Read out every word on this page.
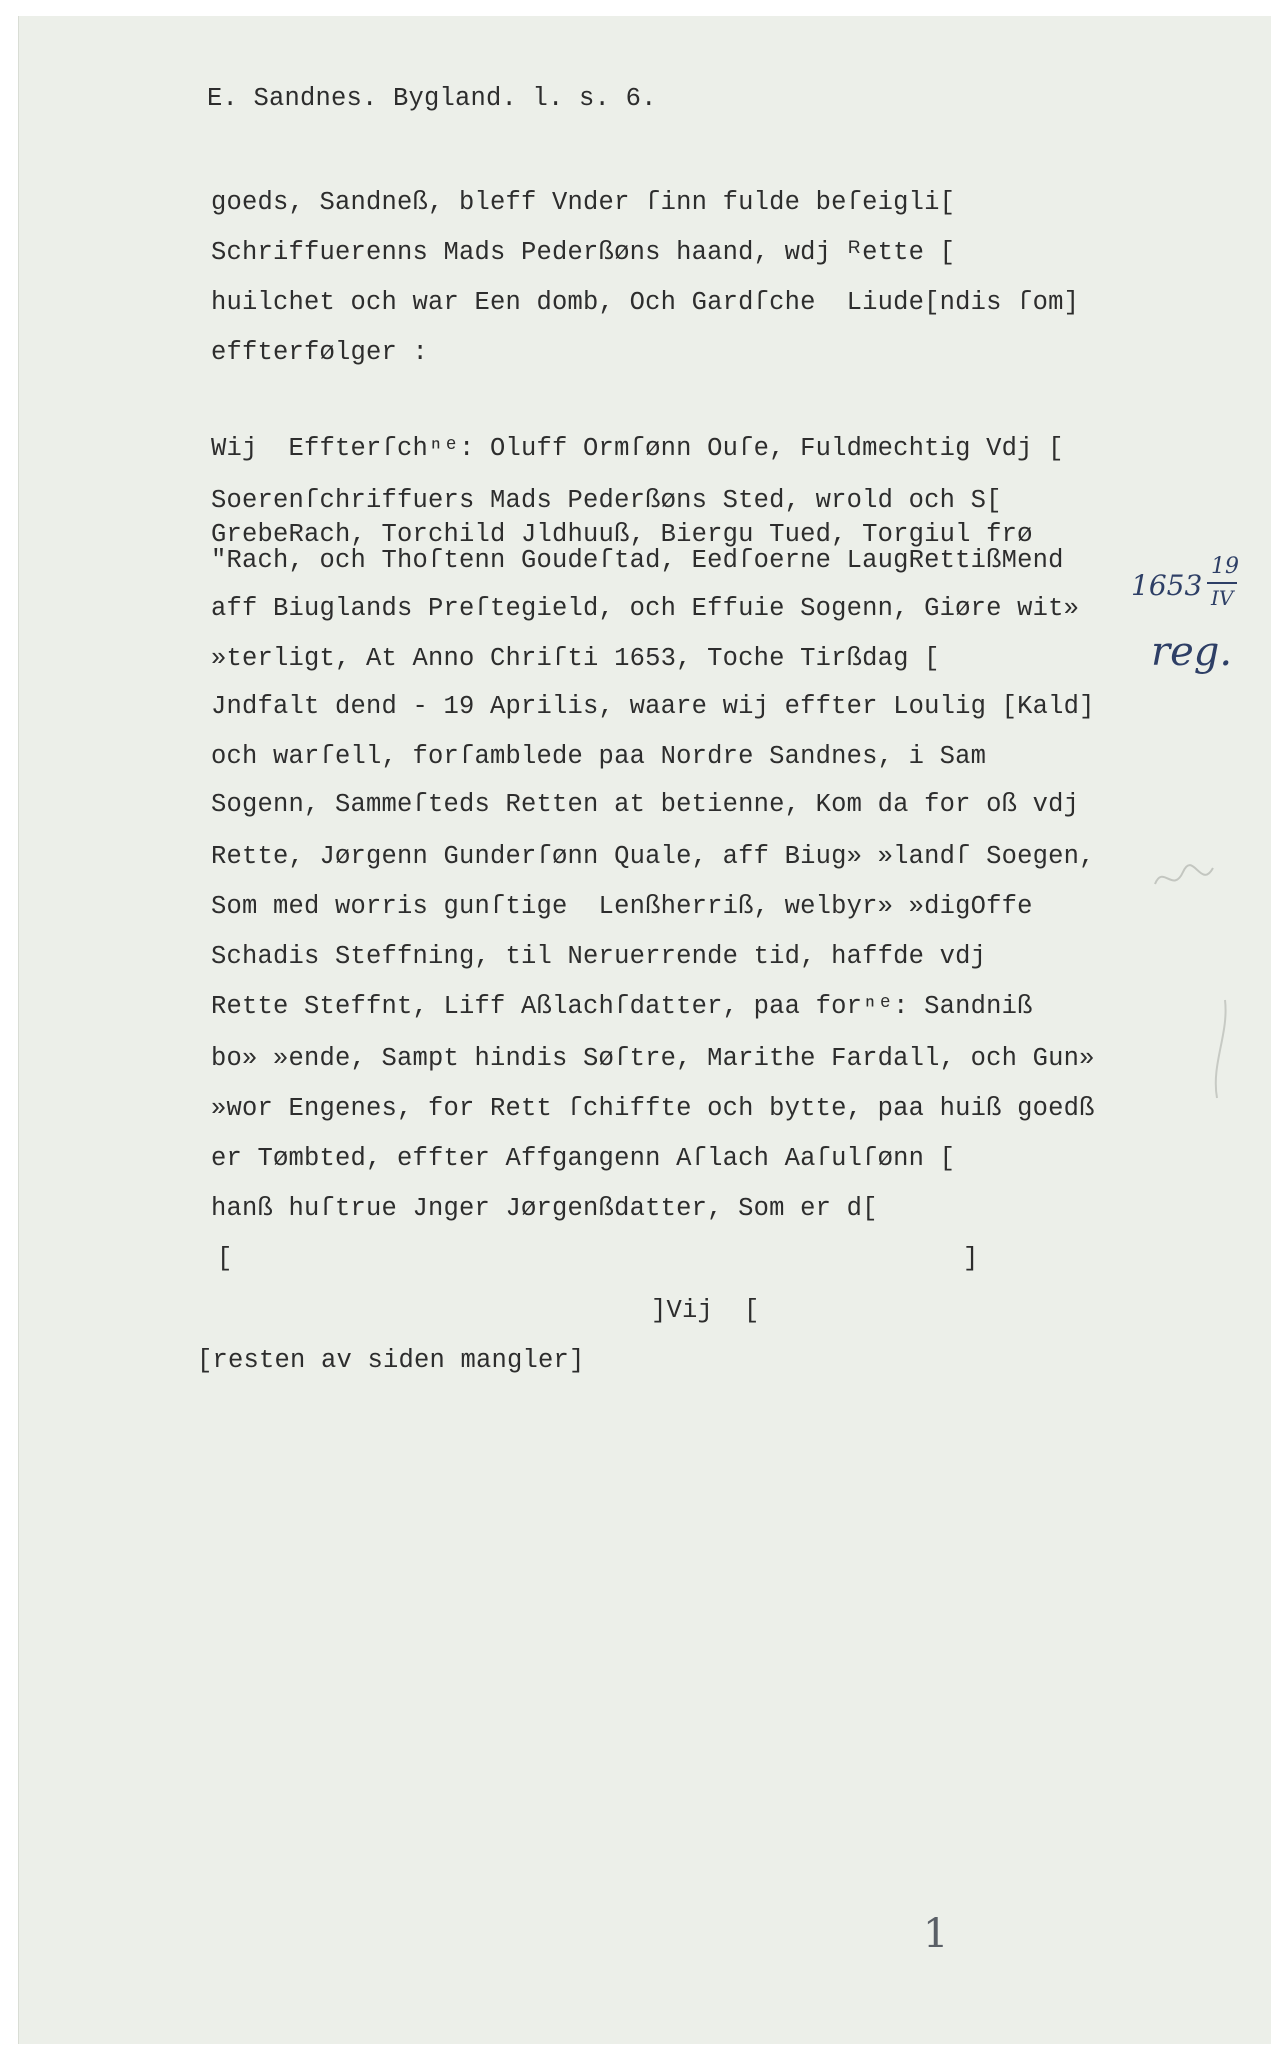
E. Sandnes. Bygland. l. s. 6.
goeds, Sandneß, bleff Vnder ſinn fulde beſeigli[
Schriffuerenns Mads Pederßøns haand, wdj ᴿette [
huilchet och war Een domb, Och Gardſche  Liude[ndis ſom]
effterfølger :
Wij  Effterſchⁿᵉ: Oluff Ormſønn Ouſe, Fuldmechtig Vdj [
Soerenſchriffuers Mads Pederßøns Sted, wrold och S[
GrebeRach, Torchild Jldhuuß, Biergu Tued, Torgiul frø
"Rach, och Thoſtenn Goudeſtad, Eedſoerne LaugRettißMend
aff Biuglands Preſtegield, och Effuie Sogenn, Giøre wit»
»terligt, At Anno Chriſti 1653, Toche Tirßdag [
Jndfalt dend - 19 Aprilis, waare wij effter Loulig [Kald]
och warſell, forſamblede paa Nordre Sandnes, i Sam
Sogenn, Sammeſteds Retten at betienne, Kom da for oß vdj
Rette, Jørgenn Gunderſønn Quale, aff Biug» »landſ Soegen,
Som med worris gunſtige  Lenßherriß, welbyr» »digOffe
Schadis Steffning, til Neruerrende tid, haffde vdj
Rette Steffnt, Liff Aßlachſdatter, paa forⁿᵉ: Sandniß
bo» »ende, Sampt hindis Søſtre, Marithe Fardall, och Gun»
»wor Engenes, for Rett ſchiffte och bytte, paa huiß goedß
er Tømbted, effter Affgangenn Aſlach Aaſulſønn [
hanß huſtrue Jnger Jørgenßdatter, Som er d[
[	]
]Vij  [
[resten av siden mangler]
1653
19
IV
reg.
1
